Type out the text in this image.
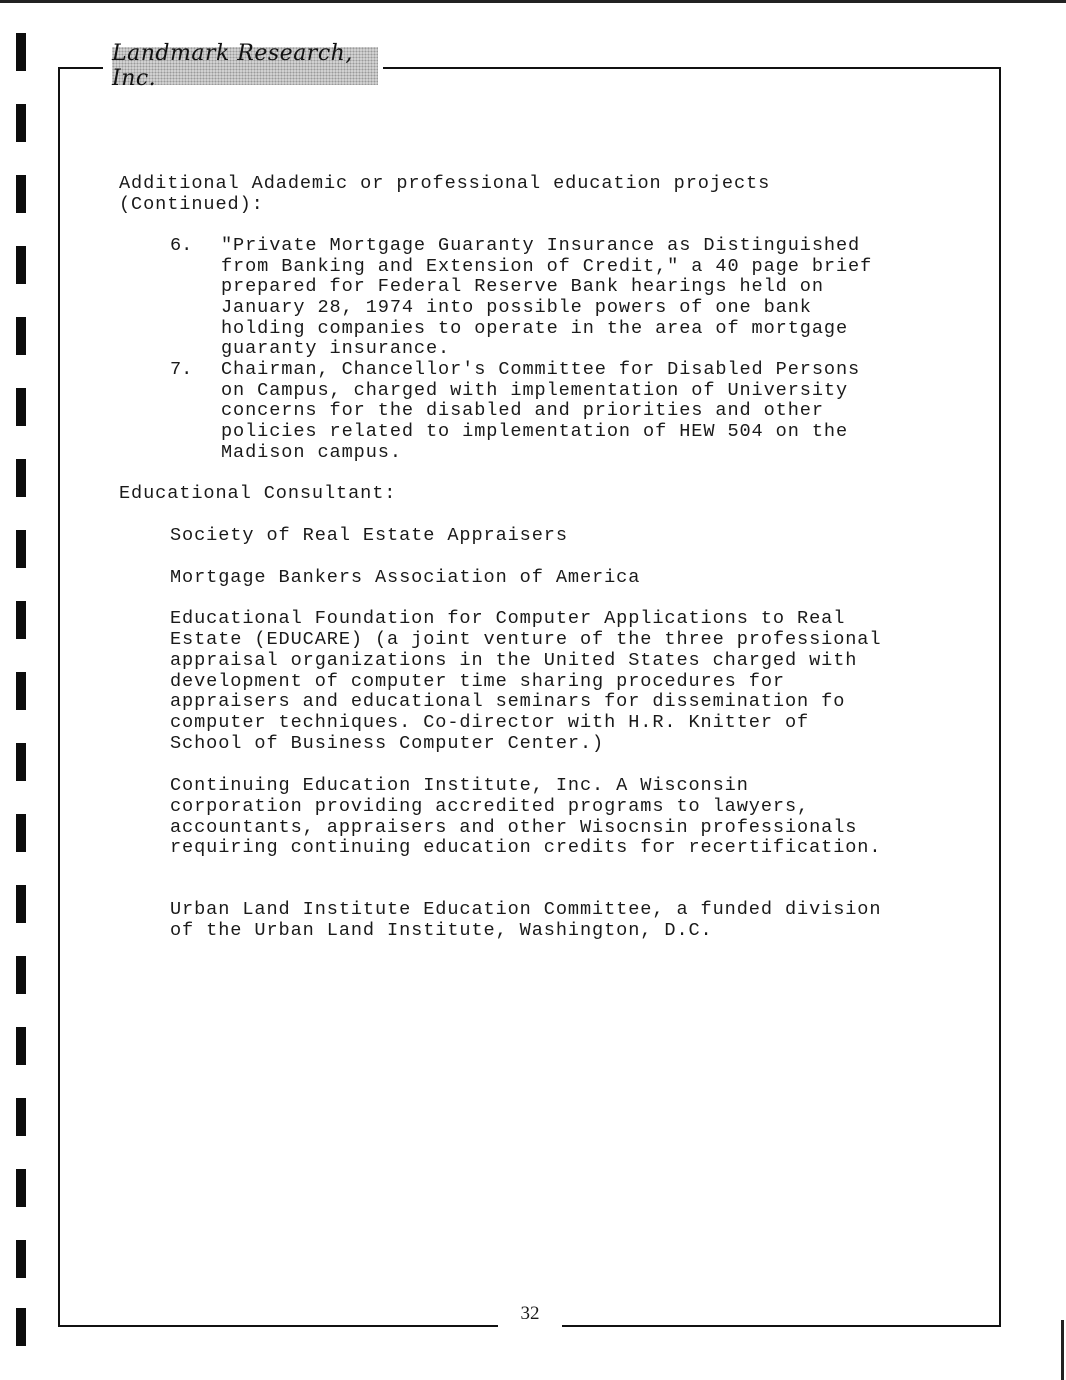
Landmark Research, Inc.
Additional Adademic or professional education projects
(Continued):
6. "Private Mortgage Guaranty Insurance as Distinguished
from Banking and Extension of Credit," a 40 page brief
prepared for Federal Reserve Bank hearings held on
January 28, 1974 into possible powers of one bank
holding companies to operate in the area of mortgage
guaranty insurance.
7. Chairman, Chancellor's Committee for Disabled Persons
on Campus, charged with implementation of University
concerns for the disabled and priorities and other
policies related to implementation of HEW 504 on the
Madison campus.
Educational Consultant:
Society of Real Estate Appraisers
Mortgage Bankers Association of America
Educational Foundation for Computer Applications to Real
Estate (EDUCARE) (a joint venture of the three professional
appraisal organizations in the United States charged with
development of computer time sharing procedures for
appraisers and educational seminars for dissemination fo
computer techniques. Co-director with H.R. Knitter of
School of Business Computer Center.)
Continuing Education Institute, Inc. A Wisconsin
corporation providing accredited programs to lawyers,
accountants, appraisers and other Wisocnsin professionals
requiring continuing education credits for recertification.
Urban Land Institute Education Committee, a funded division
of the Urban Land Institute, Washington, D.C.
32
